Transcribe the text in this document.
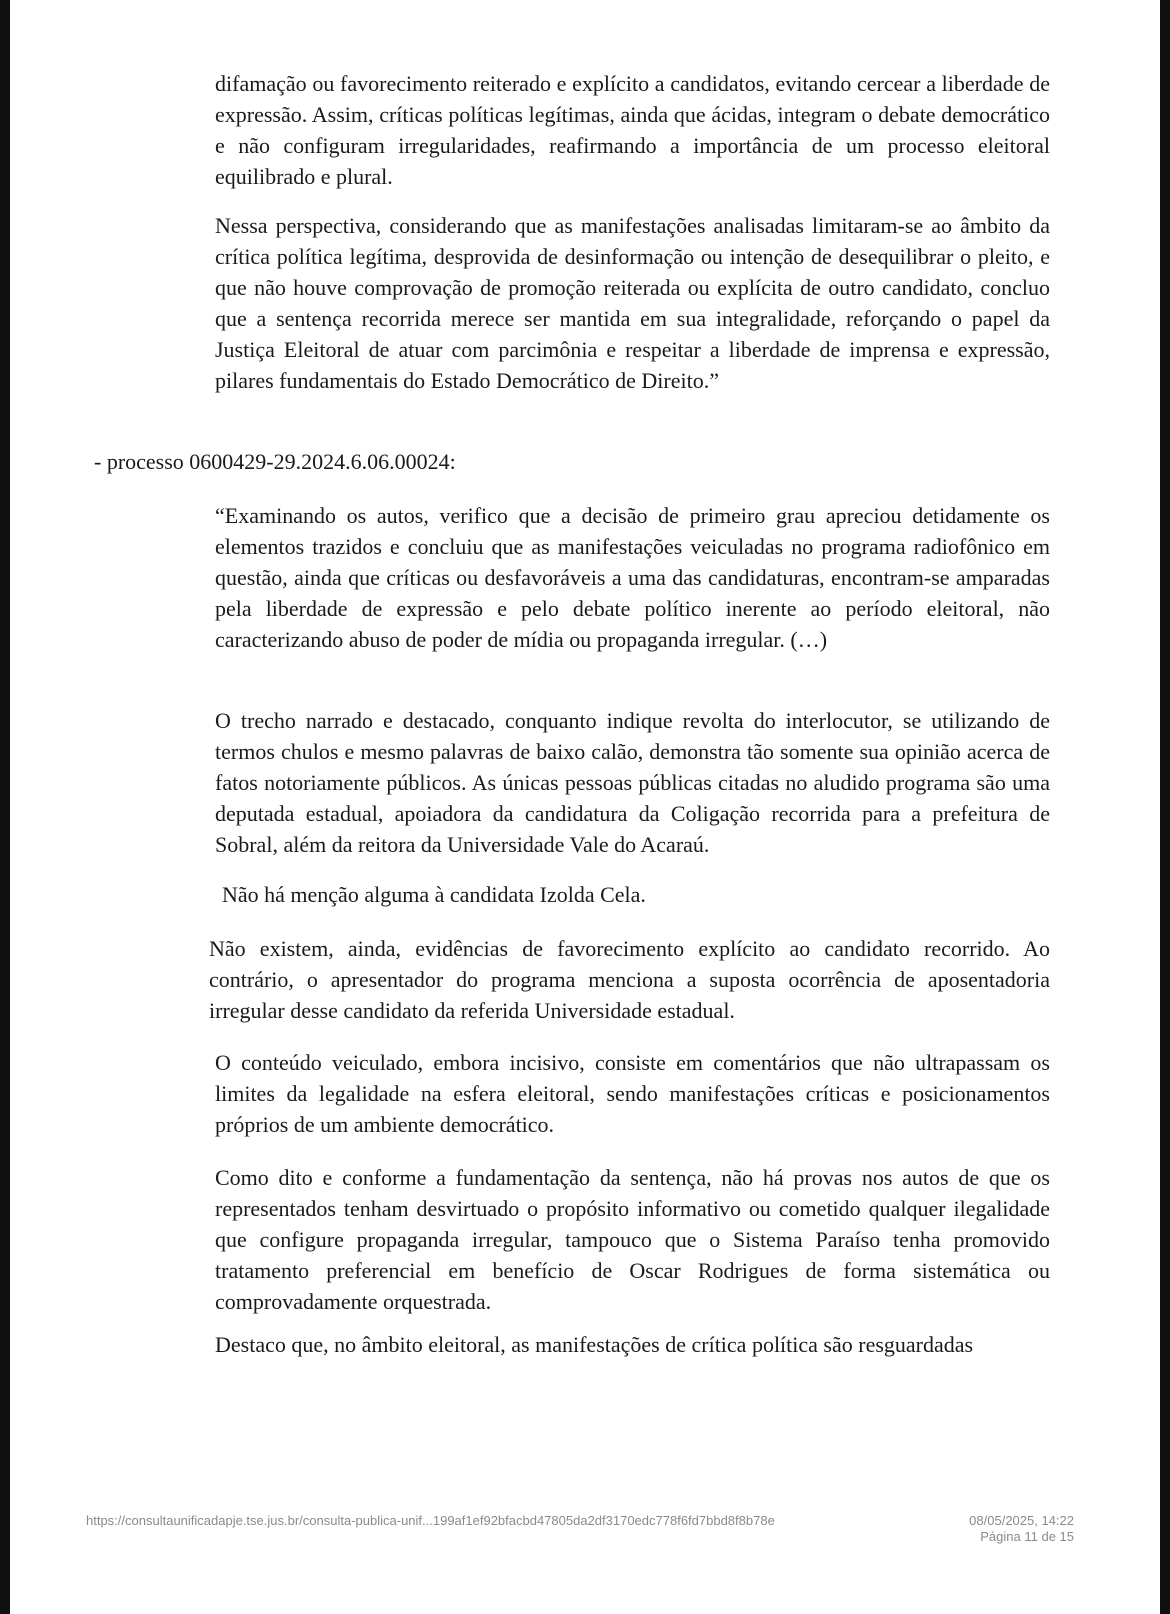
difamação ou favorecimento reiterado e explícito a candidatos, evitando cercear a liberdade de expressão. Assim, críticas políticas legítimas, ainda que ácidas, integram o debate democrático e não configuram irregularidades, reafirmando a importância de um processo eleitoral equilibrado e plural.

Nessa perspectiva, considerando que as manifestações analisadas limitaram-se ao âmbito da crítica política legítima, desprovida de desinformação ou intenção de desequilibrar o pleito, e que não houve comprovação de promoção reiterada ou explícita de outro candidato, concluo que a sentença recorrida merece ser mantida em sua integralidade, reforçando o papel da Justiça Eleitoral de atuar com parcimônia e respeitar a liberdade de imprensa e expressão, pilares fundamentais do Estado Democrático de Direito.”

- processo 0600429-29.2024.6.06.00024:

“Examinando os autos, verifico que a decisão de primeiro grau apreciou detidamente os elementos trazidos e concluiu que as manifestações veiculadas no programa radiofônico em questão, ainda que críticas ou desfavoráveis a uma das candidaturas, encontram-se amparadas pela liberdade de expressão e pelo debate político inerente ao período eleitoral, não caracterizando abuso de poder de mídia ou propaganda irregular. (…)

O trecho narrado e destacado, conquanto indique revolta do interlocutor, se utilizando de termos chulos e mesmo palavras de baixo calão, demonstra tão somente sua opinião acerca de fatos notoriamente públicos. As únicas pessoas públicas citadas no aludido programa são uma deputada estadual, apoiadora da candidatura da Coligação recorrida para a prefeitura de Sobral, além da reitora da Universidade Vale do Acaraú.

Não há menção alguma à candidata Izolda Cela.

Não existem, ainda, evidências de favorecimento explícito ao candidato recorrido. Ao contrário, o apresentador do programa menciona a suposta ocorrência de aposentadoria irregular desse candidato da referida Universidade estadual.

O conteúdo veiculado, embora incisivo, consiste em comentários que não ultrapassam os limites da legalidade na esfera eleitoral, sendo manifestações críticas e posicionamentos próprios de um ambiente democrático.

Como dito e conforme a fundamentação da sentença, não há provas nos autos de que os representados tenham desvirtuado o propósito informativo ou cometido qualquer ilegalidade que configure propaganda irregular, tampouco que o Sistema Paraíso tenha promovido tratamento preferencial em benefício de Oscar Rodrigues de forma sistemática ou comprovadamente orquestrada.

Destaco que, no âmbito eleitoral, as manifestações de crítica política são resguardadas

https://consultaunificadapje.tse.jus.br/consulta-publica-unif...199af1ef92bfacbd47805da2df3170edc778f6fd7bbd8f8b78e	08/05/2025, 14:22
Página 11 de 15
